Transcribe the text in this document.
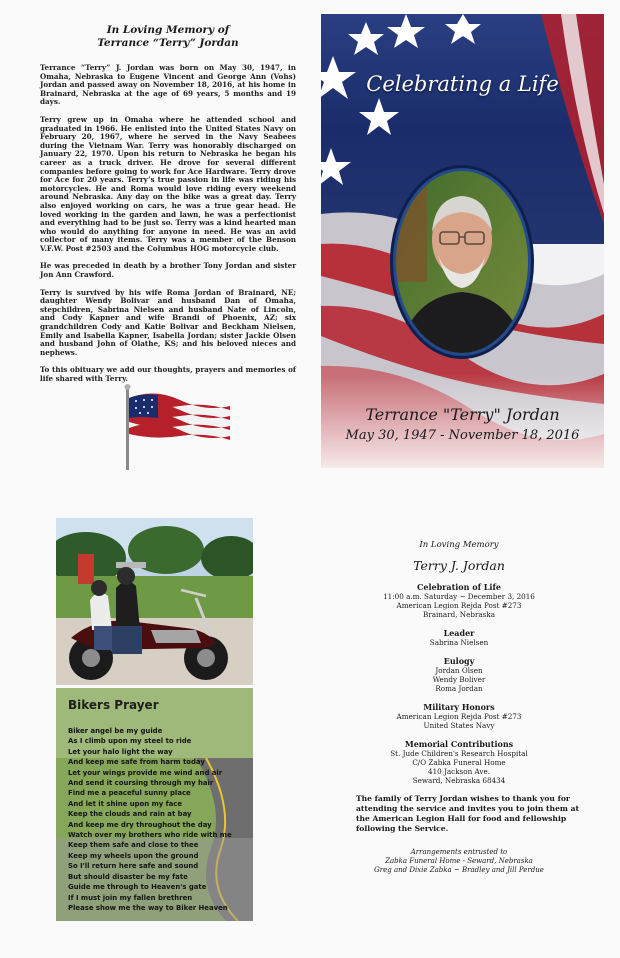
In Loving Memory of
Terrance “Terry” Jordan

Terrance “Terry” J. Jordan was born on May 30, 1947, in Omaha, Nebraska to Eugene Vincent and George Ann (Vohs) Jordan and passed away on November 18, 2016, at his home in Brainard, Nebraska at the age of 69 years, 5 months and 19 days.

Terry grew up in Omaha where he attended school and graduated in 1966. He enlisted into the United States Navy on February 20, 1967, where he served in the Navy Seabees during the Vietnam War. Terry was honorably discharged on January 22, 1970. Upon his return to Nebraska he began his career as a truck driver. He drove for several different companies before going to work for Ace Hardware. Terry drove for Ace for 20 years. Terry’s true passion in life was riding his motorcycles. He and Roma would love riding every weekend around Nebraska. Any day on the bike was a great day. Terry also enjoyed working on cars, he was a true gear head. He loved working in the garden and lawn, he was a perfectionist and everything had to be just so. Terry was a kind hearted man who would do anything for anyone in need. He was an avid collector of many items. Terry was a member of the Benson V.F.W. Post #2503 and the Columbus HOG motorcycle club.

He was preceded in death by a brother Tony Jordan and sister Jon Ann Crawford.

Terry is survived by his wife Roma Jordan of Brainard, NE; daughter Wendy Bolivar and husband Dan of Omaha, stepchildren, Sabrina Nielsen and husband Nate of Lincoln, and Cody Kapner and wife Brandi of Phoenix, AZ; six grandchildren Cody and Katie Bolivar and Beckham Nielsen, Emily and Isabella Kapner, Isabella Jordan; sister Jackie Olsen and husband John of Olathe, KS; and his beloved nieces and nephews.

To this obituary we add our thoughts, prayers and memories of life shared with Terry.

Celebrating a Life
Terrance "Terry" Jordan
May 30, 1947 - November 18, 2016
Bikers Prayer
Biker angel be my guide
As I climb upon my steel to ride
Let your halo light the way
And keep me safe from harm today
Let your wings provide me wind and air
And send it coursing through my hair
Find me a peaceful sunny place
And let it shine upon my face
Keep the clouds and rain at bay
And keep me dry throughout the day
Watch over my brothers who ride with me
Keep them safe and close to thee
Keep my wheels upon the ground
So I'll return here safe and sound
But should disaster be my fate
Guide me through to Heaven's gate
If I must join my fallen brethren
Please show me the way to Biker Heaven
In Loving Memory
Terry J. Jordan
Celebration of Life
11:00 a.m. Saturday ~ December 3, 2016
American Legion Rejda Post #273
Brainard, Nebraska
Leader
Sabrina Nielsen
Eulogy
Jordan Olsen
Wendy Boliver
Roma Jordan
Military Honors
American Legion Rejda Post #273
United States Navy
Memorial Contributions
St. Jude Children's Research Hospital
C/O Zabka Funeral Home
410 Jackson Ave.
Seward, Nebraska 68434
The family of Terry Jordan wishes to thank you for attending the service and invites you to join them at the American Legion Hall for food and fellowship following the Service.
Arrangements entrusted to
Zabka Funeral Home - Seward, Nebraska
Greg and Dixie Zabka ~ Bradley and Jill Perdue
